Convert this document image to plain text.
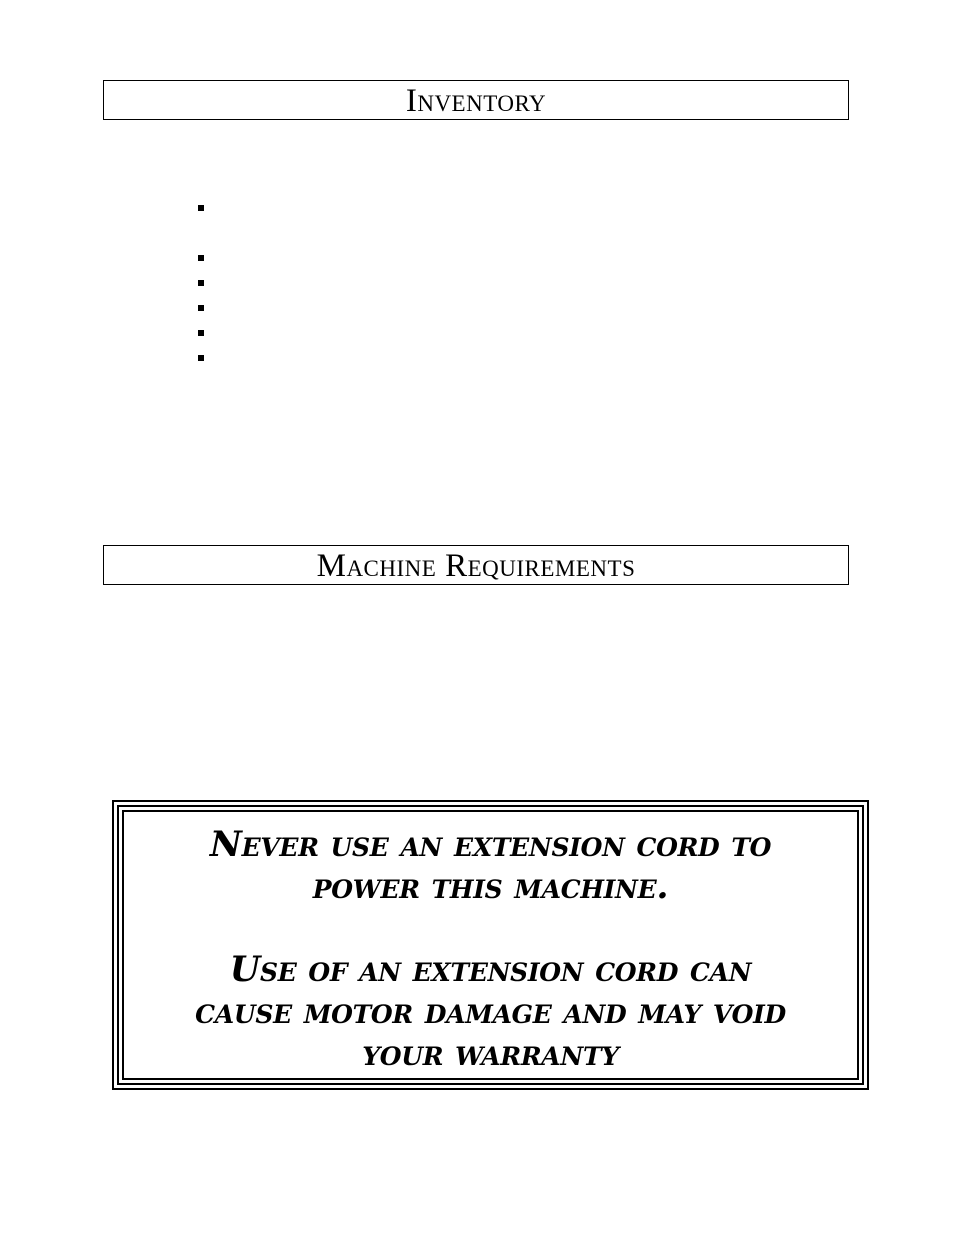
Inventory
Machine Requirements

Never use an extension cord to

power this machine.

Use of an extension cord can

cause motor damage and may void

your warranty
